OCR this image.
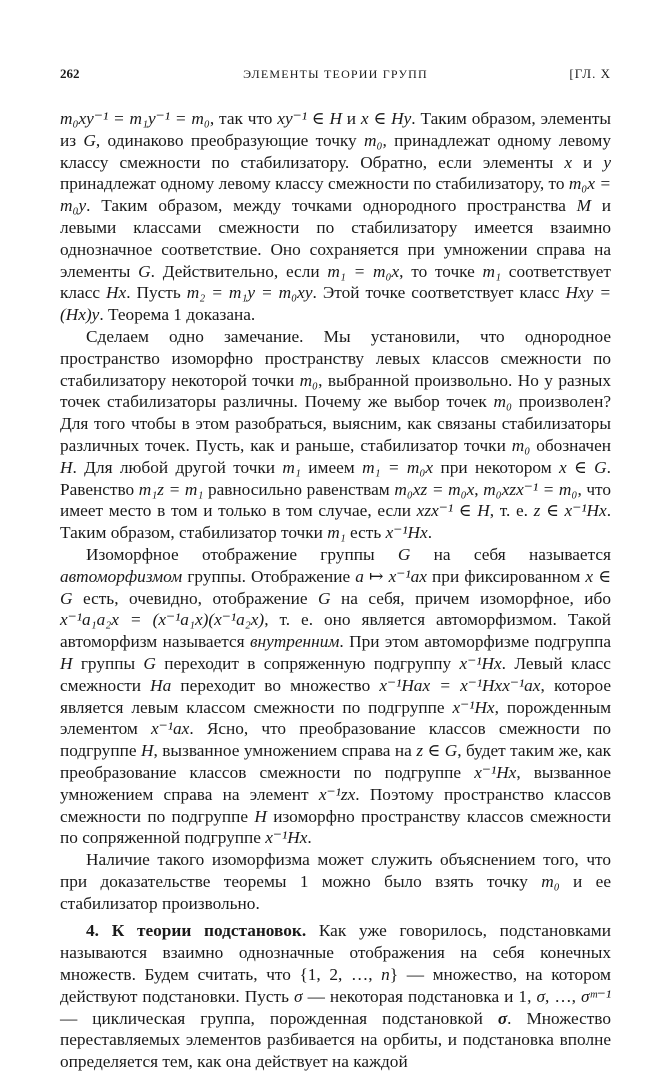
262	ЭЛЕМЕНТЫ ТЕОРИИ ГРУПП	[ГЛ. X

m₀xy⁻¹ = m₁y⁻¹ = m₀, так что xy⁻¹ ∈ H и x ∈ Hy. Таким образом, элементы из G, одинаково преобразующие точку m₀, принадлежат одному левому классу смежности по стабилизатору. Обратно, если элементы x и y принадлежат одному левому классу смежности по стабилизатору, то m₀x = m₀y. Таким образом, между точками однородного пространства M и левыми классами смежности по стабилизатору имеется взаимно однозначное соответствие. Оно сохраняется при умножении справа на элементы G. Действительно, если m₁ = m₀x, то точке m₁ соответствует класс Hx. Пусть m₂ = m₁y = m₀xy. Этой точке соответствует класс Hxy = (Hx)y. Теорема 1 доказана.

Сделаем одно замечание. Мы установили, что однородное пространство изоморфно пространству левых классов смежности по стабилизатору некоторой точки m₀, выбранной произвольно. Но у разных точек стабилизаторы различны. Почему же выбор точек m₀ произволен? Для того чтобы в этом разобраться, выясним, как связаны стабилизаторы различных точек. Пусть, как и раньше, стабилизатор точки m₀ обозначен H. Для любой другой точки m₁ имеем m₁ = m₀x при некотором x ∈ G. Равенство m₁z = m₁ равносильно равенствам m₀xz = m₀x, m₀xzx⁻¹ = m₀, что имеет место в том и только в том случае, если xzx⁻¹ ∈ H, т. е. z ∈ x⁻¹Hx. Таким образом, стабилизатор точки m₁ есть x⁻¹Hx.

Изоморфное отображение группы G на себя называется автоморфизмом группы. Отображение a ↦ x⁻¹ax при фиксированном x ∈ G есть, очевидно, отображение G на себя, причем изоморфное, ибо x⁻¹a₁a₂x = (x⁻¹a₁x)(x⁻¹a₂x), т. е. оно является автоморфизмом. Такой автоморфизм называется внутренним. При этом автоморфизме подгруппа H группы G переходит в сопряженную подгруппу x⁻¹Hx. Левый класс смежности Ha переходит во множество x⁻¹Hax = x⁻¹Hxx⁻¹ax, которое является левым классом смежности по подгруппе x⁻¹Hx, порожденным элементом x⁻¹ax. Ясно, что преобразование классов смежности по подгруппе H, вызванное умножением справа на z ∈ G, будет таким же, как преобразование классов смежности по подгруппе x⁻¹Hx, вызванное умножением справа на элемент x⁻¹zx. Поэтому пространство классов смежности по подгруппе H изоморфно пространству классов смежности по сопряженной подгруппе x⁻¹Hx.

Наличие такого изоморфизма может служить объяснением того, что при доказательстве теоремы 1 можно было взять точку m₀ и ее стабилизатор произвольно.

4. К теории подстановок. Как уже говорилось, подстановками называются взаимно однозначные отображения на себя конечных множеств. Будем считать, что {1, 2, …, n} — множество, на котором действуют подстановки. Пусть σ — некоторая подстановка и 1, σ, …, σᵐ⁻¹ — циклическая группа, порожденная подстановкой σ. Множество переставляемых элементов разбивается на орбиты, и подстановка вполне определяется тем, как она действует на каждой
